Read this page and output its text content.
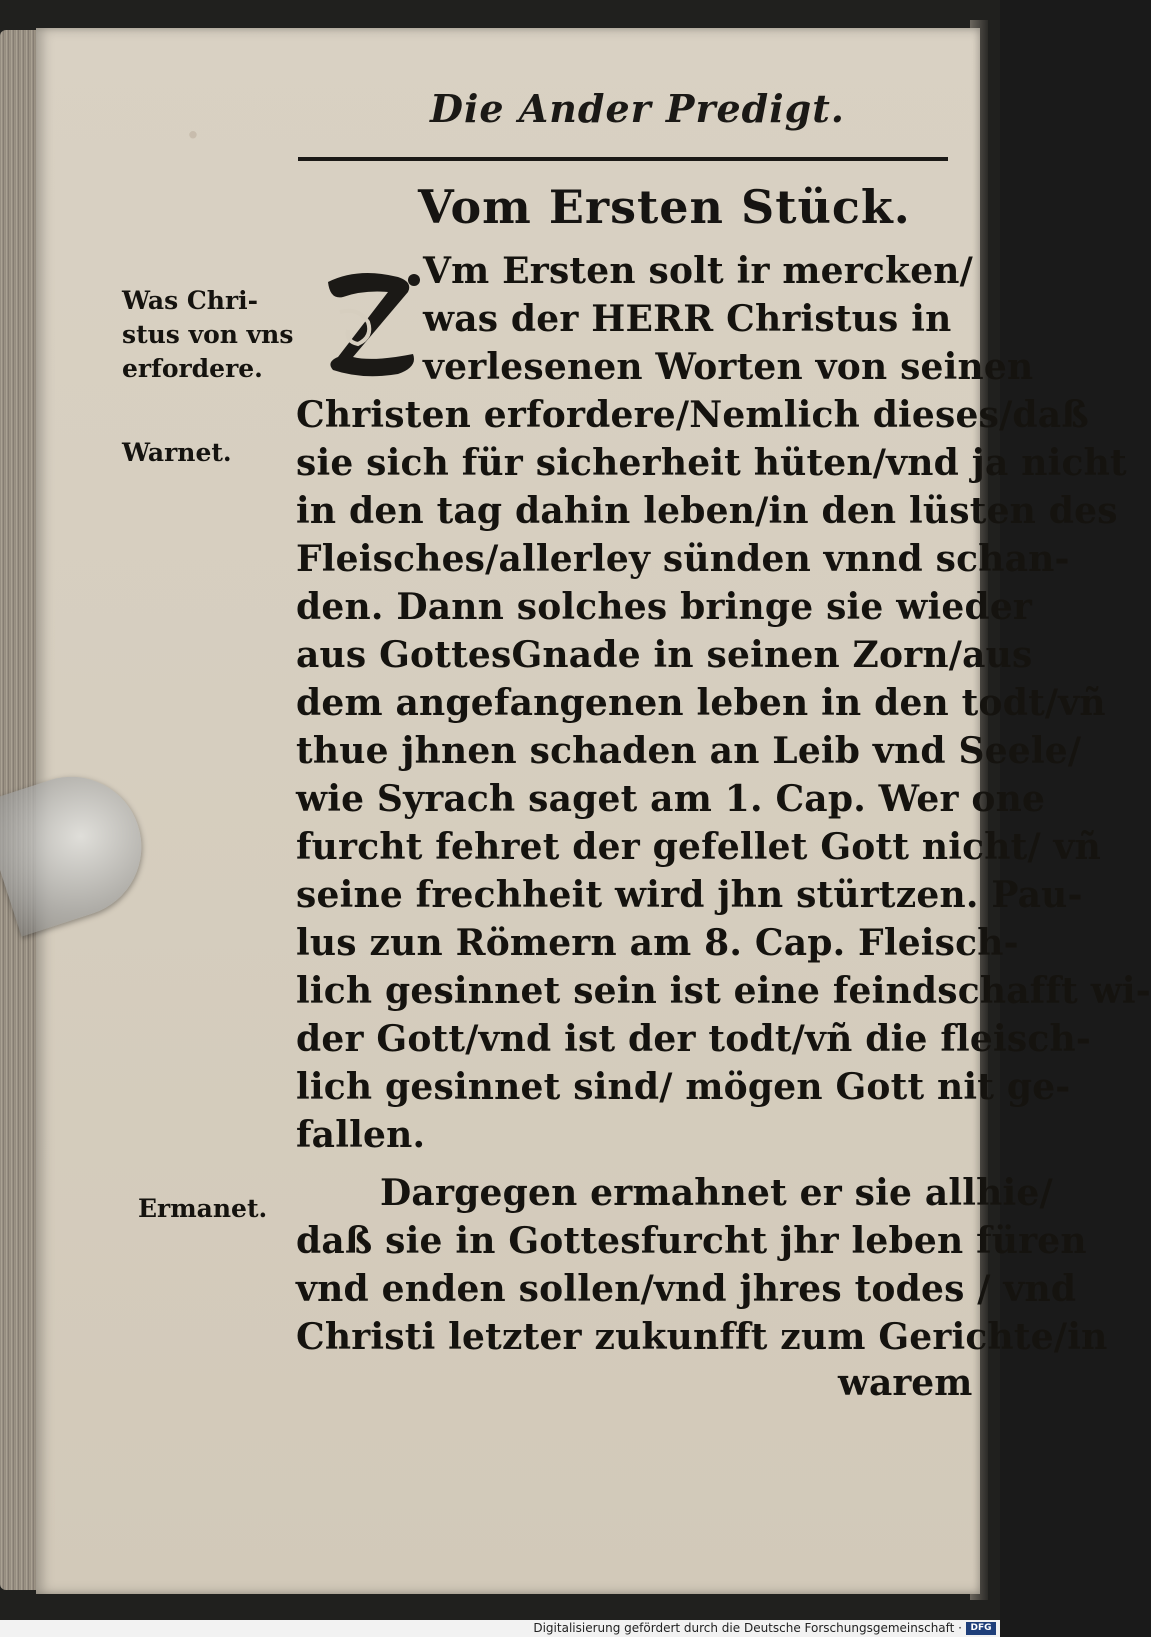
·
Die Ander Predigt.
Vom Ersten Stück.
Vm Ersten solt ir mercken/
was der HERR Christus in
verlesenen Worten von seinen
Christen erfordere/Nemlich dieses/daß
sie sich für sicherheit hüten/vnd ja nicht
in den tag dahin leben/in den lüsten des
Fleisches/allerley sünden vnnd schan-
den. Dann solches bringe sie wieder
aus GottesGnade in seinen Zorn/aus
dem angefangenen leben in den todt/vñ
thue jhnen schaden an Leib vnd Seele/
wie Syrach saget am 1. Cap. Wer one
furcht fehret der gefellet Gott nicht/ vñ
seine frechheit wird jhn stürtzen. Pau-
lus zun Römern am 8. Cap. Fleisch-
lich gesinnet sein ist eine feindschafft wi-
der Gott/vnd ist der todt/vñ die fleisch-
lich gesinnet sind/ mögen Gott nit ge-
fallen.
Dargegen ermahnet er sie allhie/
daß sie in Gottesfurcht jhr leben füren
vnd enden sollen/vnd jhres todes / vnd
Christi letzter zukunfft zum Gerichte/in
warem
Was Chri-
stus von vns
erfordere.
Warnet.
Ermanet.
Digitalisierung gefördert durch die Deutsche Forschungsgemeinschaft · DFG
